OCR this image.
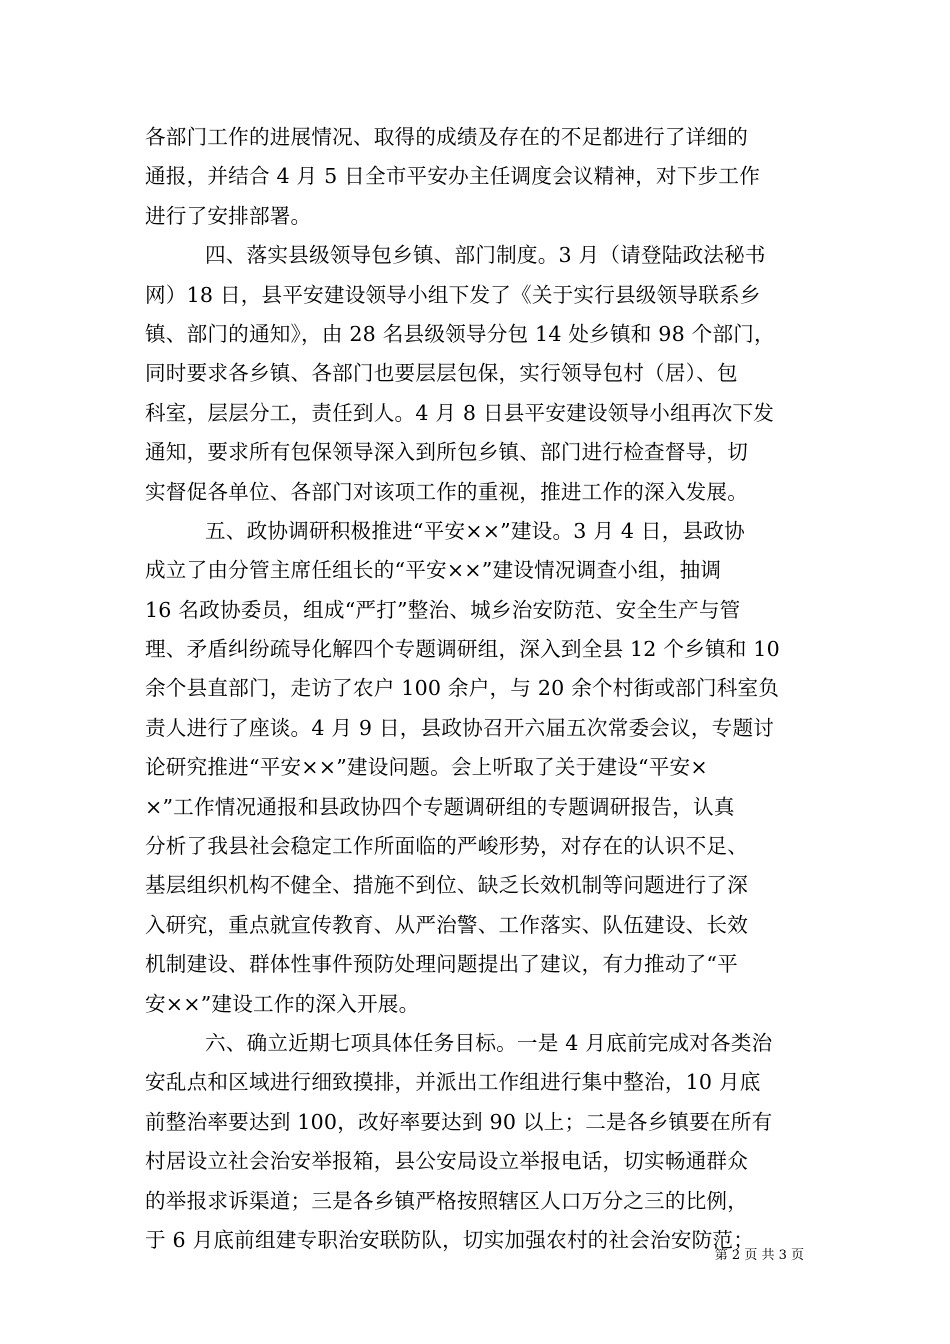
各部门工作的进展情况、取得的成绩及存在的不足都进行了详细的
通报，并结合 4 月 5 日全市平安办主任调度会议精神，对下步工作
进行了安排部署。
四、落实县级领导包乡镇、部门制度。3 月（请登陆政法秘书
网）18 日，县平安建设领导小组下发了《关于实行县级领导联系乡
镇、部门的通知》，由 28 名县级领导分包 14 处乡镇和 98 个部门，
同时要求各乡镇、各部门也要层层包保，实行领导包村（居）、包
科室，层层分工，责任到人。4 月 8 日县平安建设领导小组再次下发
通知，要求所有包保领导深入到所包乡镇、部门进行检查督导，切
实督促各单位、各部门对该项工作的重视，推进工作的深入发展。
五、政协调研积极推进“平安××”建设。3 月 4 日，县政协
成立了由分管主席任组长的“平安××”建设情况调查小组，抽调
16 名政协委员，组成“严打”整治、城乡治安防范、安全生产与管
理、矛盾纠纷疏导化解四个专题调研组，深入到全县 12 个乡镇和 10
余个县直部门，走访了农户 100 余户，与 20 余个村街或部门科室负
责人进行了座谈。4 月 9 日，县政协召开六届五次常委会议，专题讨
论研究推进“平安××”建设问题。会上听取了关于建设“平安×
×”工作情况通报和县政协四个专题调研组的专题调研报告，认真
分析了我县社会稳定工作所面临的严峻形势，对存在的认识不足、
基层组织机构不健全、措施不到位、缺乏长效机制等问题进行了深
入研究，重点就宣传教育、从严治警、工作落实、队伍建设、长效
机制建设、群体性事件预防处理问题提出了建议，有力推动了“平
安××”建设工作的深入开展。
六、确立近期七项具体任务目标。一是 4 月底前完成对各类治
安乱点和区域进行细致摸排，并派出工作组进行集中整治，10 月底
前整治率要达到 100，改好率要达到 90 以上；二是各乡镇要在所有
村居设立社会治安举报箱，县公安局设立举报电话，切实畅通群众
的举报求诉渠道；三是各乡镇严格按照辖区人口万分之三的比例，
于 6 月底前组建专职治安联防队，切实加强农村的社会治安防范；
第 2 页 共 3 页
